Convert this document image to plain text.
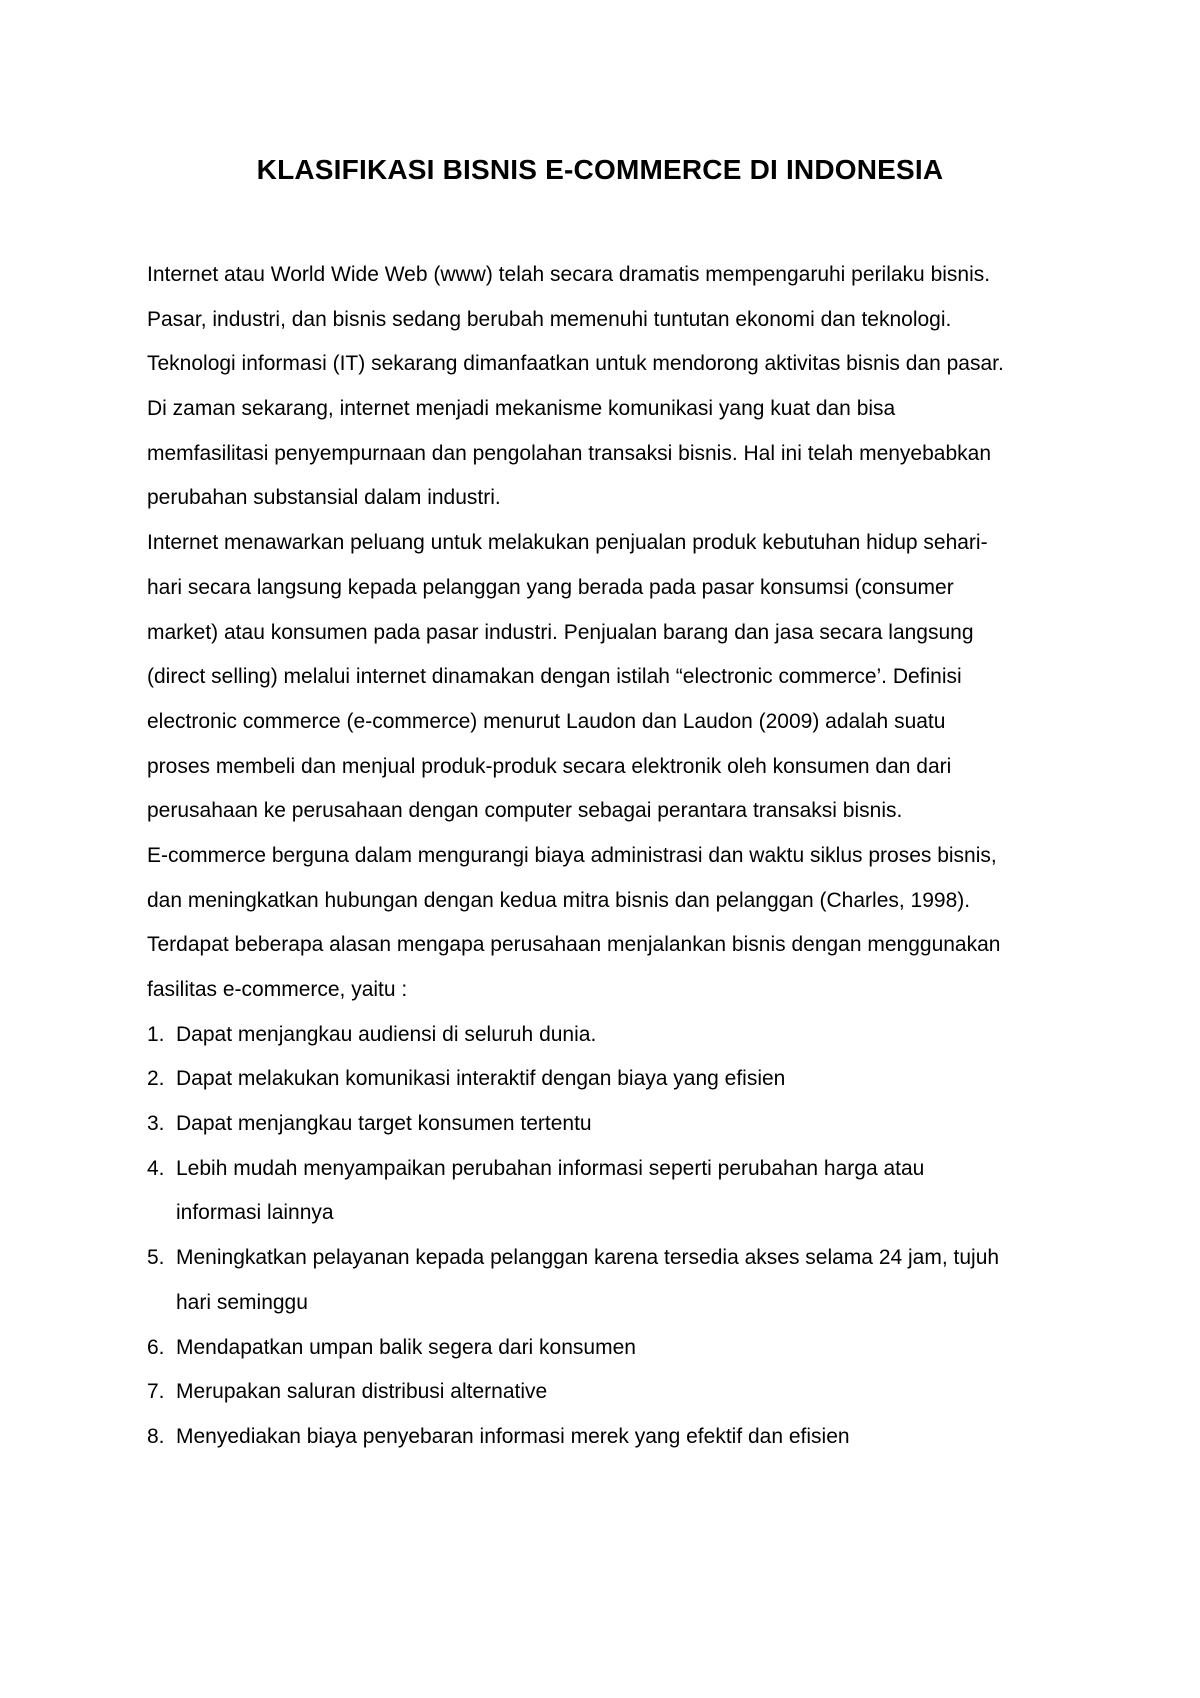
KLASIFIKASI BISNIS E-COMMERCE DI INDONESIA
Internet atau World Wide Web (www) telah secara dramatis mempengaruhi perilaku bisnis.
Pasar, industri, dan bisnis sedang berubah memenuhi tuntutan ekonomi dan teknologi.
Teknologi informasi (IT) sekarang dimanfaatkan untuk mendorong aktivitas bisnis dan pasar.
Di zaman sekarang, internet menjadi mekanisme komunikasi yang kuat dan bisa
memfasilitasi penyempurnaan dan pengolahan transaksi bisnis. Hal ini telah menyebabkan
perubahan substansial dalam industri.
Internet menawarkan peluang untuk melakukan penjualan produk kebutuhan hidup sehari-
hari secara langsung kepada pelanggan yang berada pada pasar konsumsi (consumer
market) atau konsumen pada pasar industri. Penjualan barang dan jasa secara langsung
(direct selling) melalui internet dinamakan dengan istilah “electronic commerce’. Definisi
electronic commerce (e-commerce) menurut Laudon dan Laudon (2009) adalah suatu
proses membeli dan menjual produk-produk secara elektronik oleh konsumen dan dari
perusahaan ke perusahaan dengan computer sebagai perantara transaksi bisnis.
E-commerce berguna dalam mengurangi biaya administrasi dan waktu siklus proses bisnis,
dan meningkatkan hubungan dengan kedua mitra bisnis dan pelanggan (Charles, 1998).
Terdapat beberapa alasan mengapa perusahaan menjalankan bisnis dengan menggunakan
fasilitas e-commerce, yaitu :
1. Dapat menjangkau audiensi di seluruh dunia.
2. Dapat melakukan komunikasi interaktif dengan biaya yang efisien
3. Dapat menjangkau target konsumen tertentu
4. Lebih mudah menyampaikan perubahan informasi seperti perubahan harga atau
informasi lainnya
5. Meningkatkan pelayanan kepada pelanggan karena tersedia akses selama 24 jam, tujuh
hari seminggu
6. Mendapatkan umpan balik segera dari konsumen
7. Merupakan saluran distribusi alternative
8. Menyediakan biaya penyebaran informasi merek yang efektif dan efisien
